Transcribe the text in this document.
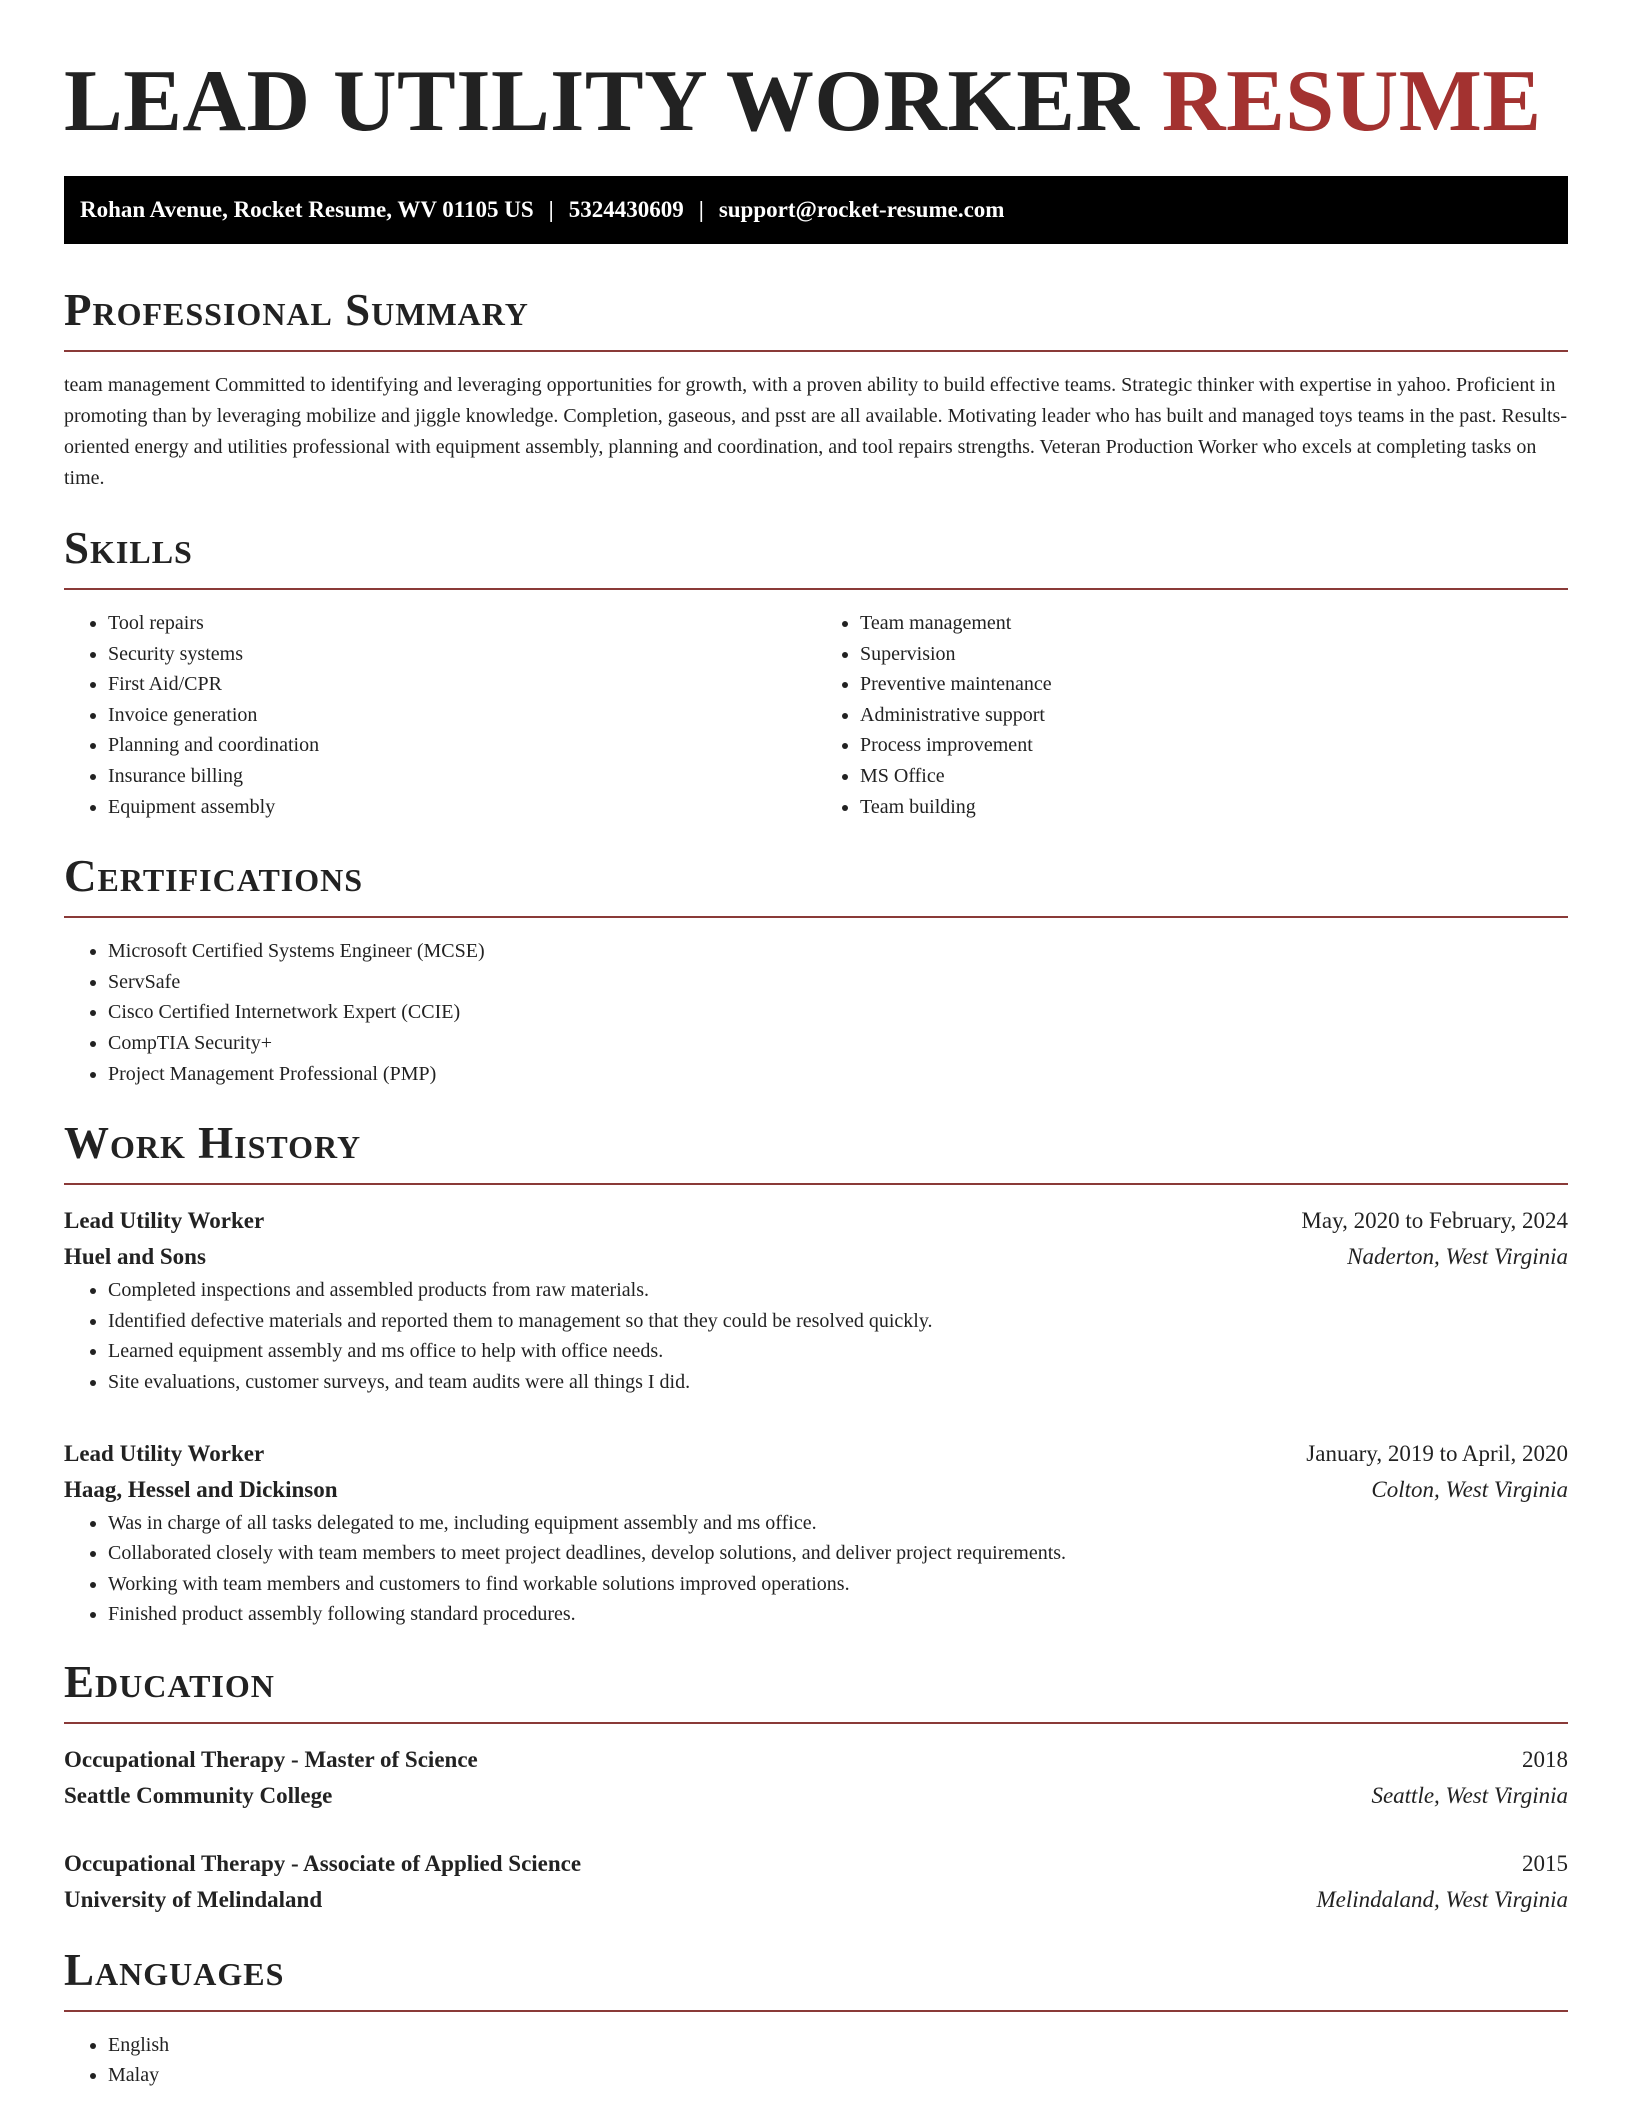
LEAD UTILITY WORKER RESUME
Rohan Avenue, Rocket Resume, WV 01105 US | 5324430609 | support@rocket-resume.com
Professional Summary

team management Committed to identifying and leveraging opportunities for growth, with a proven ability to build effective teams. Strategic thinker with expertise in yahoo. Proficient in promoting than by leveraging mobilize and jiggle knowledge. Completion, gaseous, and psst are all available. Motivating leader who has built and managed toys teams in the past. Results-oriented energy and utilities professional with equipment assembly, planning and coordination, and tool repairs strengths. Veteran Production Worker who excels at completing tasks on time.

Skills
• Tool repairs
• Security systems
• First Aid/CPR
• Invoice generation
• Planning and coordination
• Insurance billing
• Equipment assembly
• Team management
• Supervision
• Preventive maintenance
• Administrative support
• Process improvement
• MS Office
• Team building
Certifications
• Microsoft Certified Systems Engineer (MCSE)
• ServSafe
• Cisco Certified Internetwork Expert (CCIE)
• CompTIA Security+
• Project Management Professional (PMP)
Work History
Lead Utility Worker	May, 2020 to February, 2024
Huel and Sons	Naderton, West Virginia
• Completed inspections and assembled products from raw materials.
• Identified defective materials and reported them to management so that they could be resolved quickly.
• Learned equipment assembly and ms office to help with office needs.
• Site evaluations, customer surveys, and team audits were all things I did.
Lead Utility Worker	January, 2019 to April, 2020
Haag, Hessel and Dickinson	Colton, West Virginia
• Was in charge of all tasks delegated to me, including equipment assembly and ms office.
• Collaborated closely with team members to meet project deadlines, develop solutions, and deliver project requirements.
• Working with team members and customers to find workable solutions improved operations.
• Finished product assembly following standard procedures.
Education
Occupational Therapy - Master of Science	2018
Seattle Community College	Seattle, West Virginia
Occupational Therapy - Associate of Applied Science	2015
University of Melindaland	Melindaland, West Virginia
Languages
• English
• Malay
